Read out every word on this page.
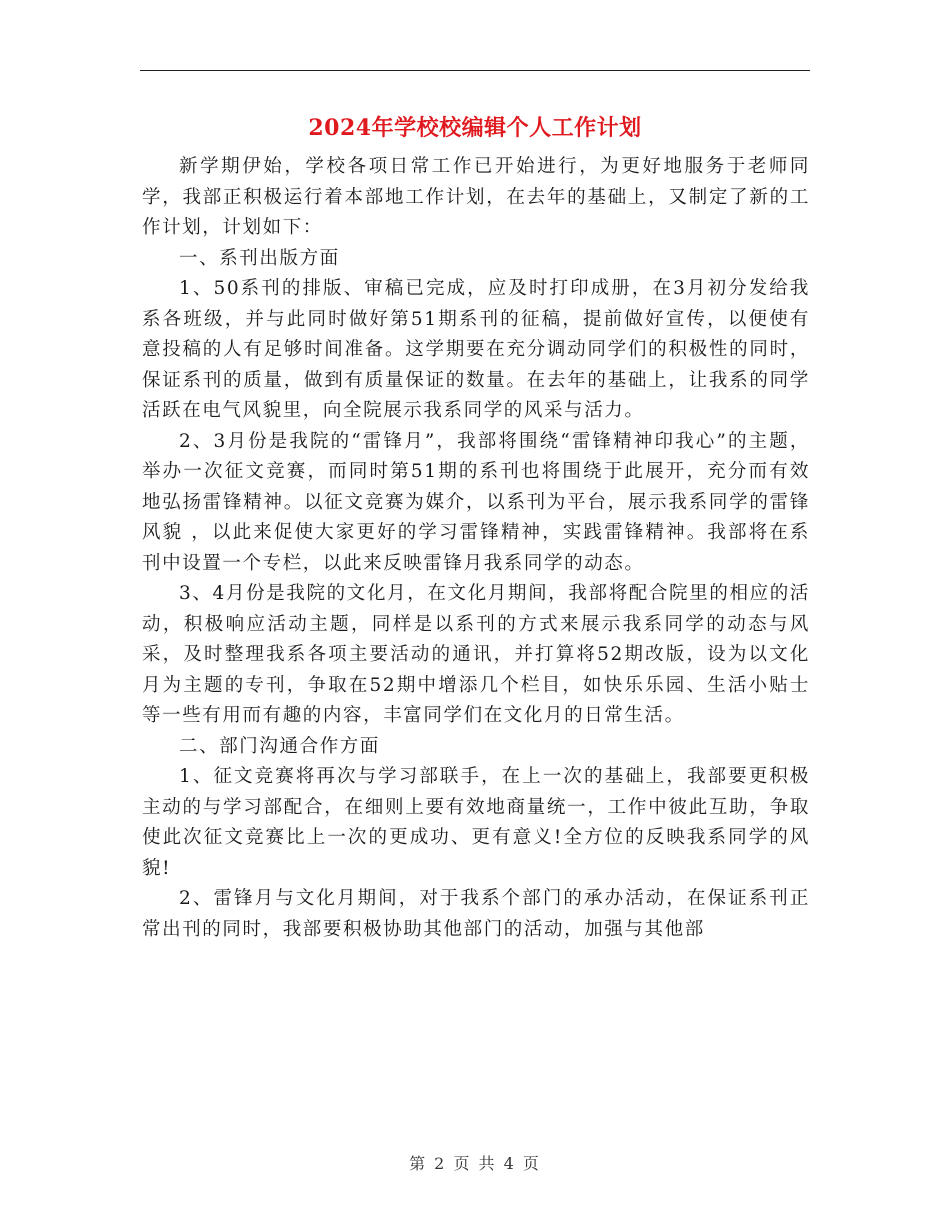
2024年学校校编辑个人工作计划

新学期伊始，学校各项日常工作已开始进行，为更好地服务于老师同学，我部正积极运行着本部地工作计划，在去年的基础上，又制定了新的工作计划，计划如下：

一、系刊出版方面

1、50系刊的排版、审稿已完成，应及时打印成册，在3月初分发给我系各班级，并与此同时做好第51期系刊的征稿，提前做好宣传，以便使有意投稿的人有足够时间准备。这学期要在充分调动同学们的积极性的同时，保证系刊的质量，做到有质量保证的数量。在去年的基础上，让我系的同学活跃在电气风貌里，向全院展示我系同学的风采与活力。

2、3月份是我院的“雷锋月”，我部将围绕“雷锋精神印我心”的主题，举办一次征文竞赛，而同时第51期的系刊也将围绕于此展开，充分而有效地弘扬雷锋精神。以征文竞赛为媒介，以系刊为平台，展示我系同学的雷锋风貌 ，以此来促使大家更好的学习雷锋精神，实践雷锋精神。我部将在系刊中设置一个专栏，以此来反映雷锋月我系同学的动态。

3、4月份是我院的文化月，在文化月期间，我部将配合院里的相应的活动，积极响应活动主题，同样是以系刊的方式来展示我系同学的动态与风采，及时整理我系各项主要活动的通讯，并打算将52期改版，设为以文化月为主题的专刊，争取在52期中增添几个栏目，如快乐乐园、生活小贴士等一些有用而有趣的内容，丰富同学们在文化月的日常生活。

二、部门沟通合作方面

1、征文竞赛将再次与学习部联手，在上一次的基础上，我部要更积极主动的与学习部配合，在细则上要有效地商量统一，工作中彼此互助，争取使此次征文竞赛比上一次的更成功、更有意义!全方位的反映我系同学的风貌!

2、雷锋月与文化月期间，对于我系个部门的承办活动，在保证系刊正常出刊的同时，我部要积极协助其他部门的活动，加强与其他部

第 2 页 共 4 页
